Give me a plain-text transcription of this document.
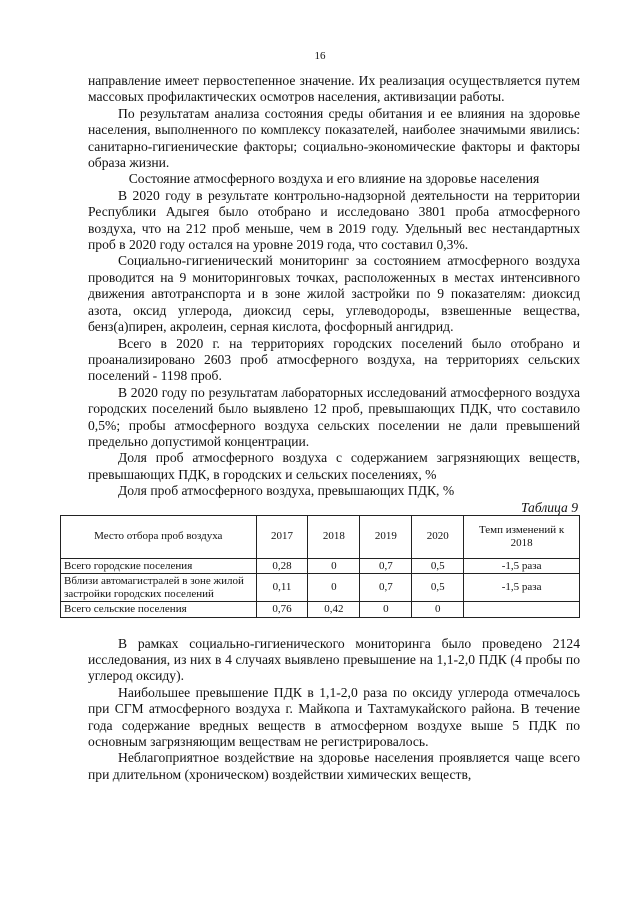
16

направление имеет первостепенное значение. Их реализация осуществляется путем массовых профилактических осмотров населения, активизации работы.

По результатам анализа состояния среды обитания и ее влияния на здоровье населения, выполненного по комплексу показателей, наиболее значимыми явились: санитарно-гигиенические факторы; социально-экономические факторы и факторы образа жизни.

Состояние атмосферного воздуха и его влияние на здоровье населения

В 2020 году в результате контрольно-надзорной деятельности на территории Республики Адыгея было отобрано и исследовано 3801 проба атмосферного воздуха, что на 212 проб меньше, чем в 2019 году. Удельный вес нестандартных проб в 2020 году остался на уровне 2019 года, что составил 0,3%.

Социально-гигиенический мониторинг за состоянием атмосферного воздуха проводится на 9 мониторинговых точках, расположенных в местах интенсивного движения автотранспорта и в зоне жилой застройки по 9 показателям: диоксид азота, оксид углерода, диоксид серы, углеводороды, взвешенные вещества, бенз(а)пирен, акролеин, серная кислота, фосфорный ангидрид.

Всего в 2020 г. на территориях городских поселений было отобрано и проанализировано 2603 проб атмосферного воздуха, на территориях сельских поселений - 1198 проб.

В 2020 году по результатам лабораторных исследований атмосферного воздуха городских поселений было выявлено 12 проб, превышающих ПДК, что составило 0,5%; пробы атмосферного воздуха сельских поселении не дали превышений предельно допустимой концентрации.

Доля проб атмосферного воздуха с содержанием загрязняющих веществ, превышающих ПДК, в городских и сельских поселениях, %

Доля проб атмосферного воздуха, превышающих ПДК, %

Таблица 9
Место отбора проб воздуха	2017	2018	2019	2020	Темп изменений к 2018
Всего городские поселения	0,28	0	0,7	0,5	-1,5 раза
Вблизи автомагистралей в зоне жилой застройки городских поселений	0,11	0	0,7	0,5	-1,5 раза
Всего сельские поселения	0,76	0,42	0	0	

В рамках социально-гигиенического мониторинга было проведено 2124 исследования, из них в 4 случаях выявлено превышение на 1,1-2,0 ПДК (4 пробы по углерод оксиду).

Наибольшее превышение ПДК в 1,1-2,0 раза по оксиду углерода отмечалось при СГМ атмосферного воздуха г. Майкопа и Тахтамукайского района. В течение года содержание вредных веществ в атмосферном воздухе выше 5 ПДК по основным загрязняющим веществам не регистрировалось.

Неблагоприятное воздействие на здоровье населения проявляется чаще всего при длительном (хроническом) воздействии химических веществ,
